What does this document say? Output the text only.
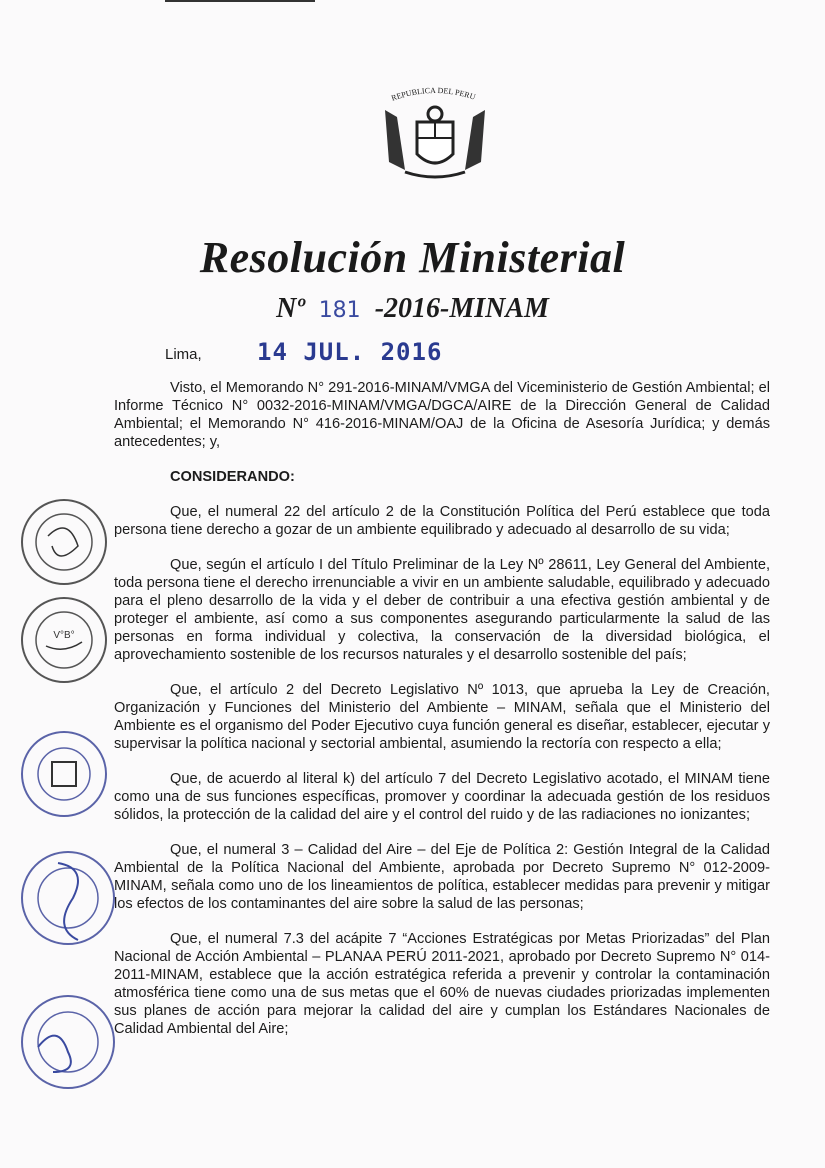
REPUBLICA DEL PERU
Resolución Ministerial
Nº 181 -2016-MINAM
Lima, 14 JUL. 2016

Visto, el Memorando N° 291-2016-MINAM/VMGA del Viceministerio de Gestión Ambiental; el Informe Técnico N° 0032-2016-MINAM/VMGA/DGCA/AIRE de la Dirección General de Calidad Ambiental; el Memorando N° 416-2016-MINAM/OAJ de la Oficina de Asesoría Jurídica; y demás antecedentes; y,

CONSIDERANDO:

Que, el numeral 22 del artículo 2 de la Constitución Política del Perú establece que toda persona tiene derecho a gozar de un ambiente equilibrado y adecuado al desarrollo de su vida;

Que, según el artículo I del Título Preliminar de la Ley Nº 28611, Ley General del Ambiente, toda persona tiene el derecho irrenunciable a vivir en un ambiente saludable, equilibrado y adecuado para el pleno desarrollo de la vida y el deber de contribuir a una efectiva gestión ambiental y de proteger el ambiente, así como a sus componentes asegurando particularmente la salud de las personas en forma individual y colectiva, la conservación de la diversidad biológica, el aprovechamiento sostenible de los recursos naturales y el desarrollo sostenible del país;

Que, el artículo 2 del Decreto Legislativo Nº 1013, que aprueba la Ley de Creación, Organización y Funciones del Ministerio del Ambiente – MINAM, señala que el Ministerio del Ambiente es el organismo del Poder Ejecutivo cuya función general es diseñar, establecer, ejecutar y supervisar la política nacional y sectorial ambiental, asumiendo la rectoría con respecto a ella;

Que, de acuerdo al literal k) del artículo 7 del Decreto Legislativo acotado, el MINAM tiene como una de sus funciones específicas, promover y coordinar la adecuada gestión de los residuos sólidos, la protección de la calidad del aire y el control del ruido y de las radiaciones no ionizantes;

Que, el numeral 3 – Calidad del Aire – del Eje de Política 2: Gestión Integral de la Calidad Ambiental de la Política Nacional del Ambiente, aprobada por Decreto Supremo N° 012-2009-MINAM, señala como uno de los lineamientos de política, establecer medidas para prevenir y mitigar los efectos de los contaminantes del aire sobre la salud de las personas;

Que, el numeral 7.3 del acápite 7 “Acciones Estratégicas por Metas Priorizadas” del Plan Nacional de Acción Ambiental – PLANAA PERÚ 2011-2021, aprobado por Decreto Supremo N° 014-2011-MINAM, establece que la acción estratégica referida a prevenir y controlar la contaminación atmosférica tiene como una de sus metas que el 60% de nuevas ciudades priorizadas implementen sus planes de acción para mejorar la calidad del aire y cumplan los Estándares Nacionales de Calidad Ambiental del Aire;

V°B°
